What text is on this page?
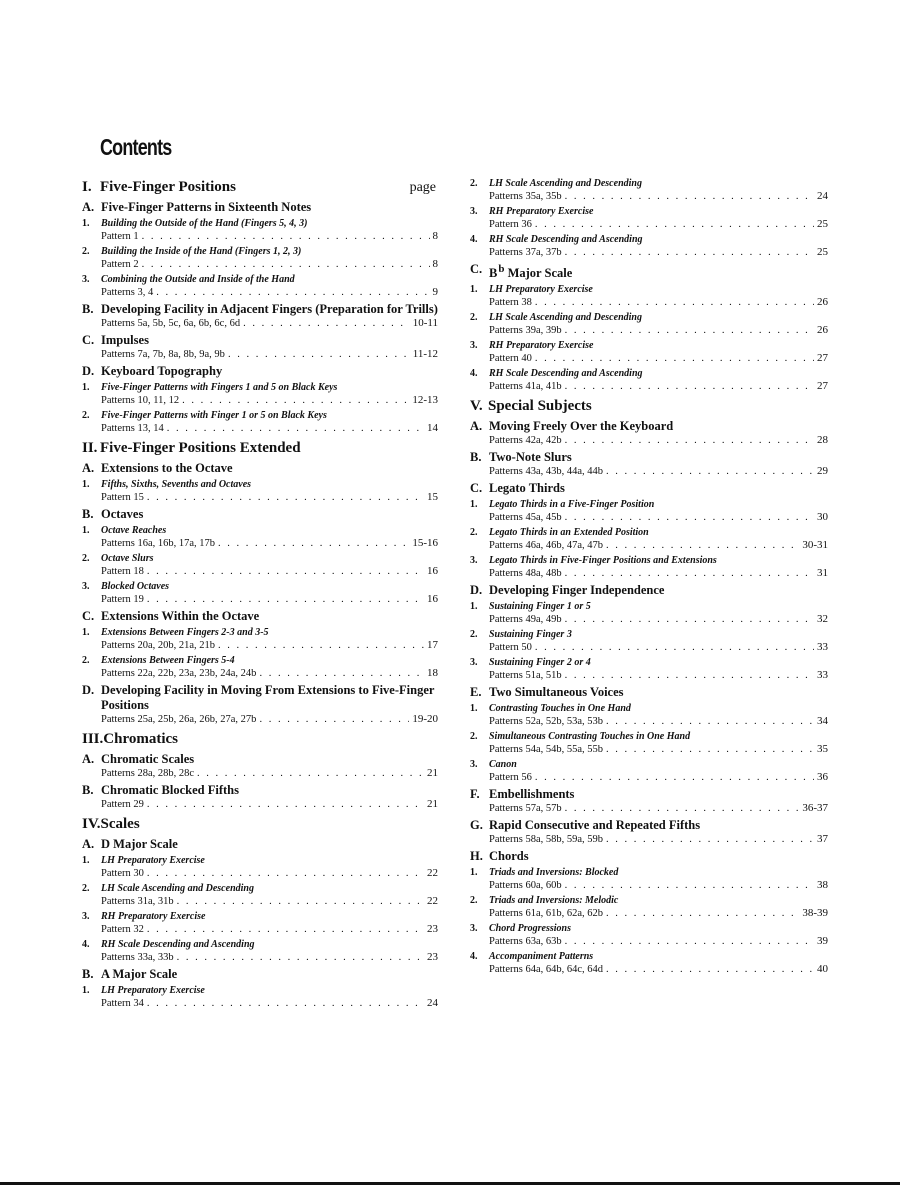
Contents
I. Five-Finger Positions	page
A. Five-Finger Patterns in Sixteenth Notes
1.	Building the Outside of the Hand (Fingers 5, 4, 3)
Pattern 1 . . .	8
2.	Building the Inside of the Hand (Fingers 1, 2, 3)
Pattern 2 . . .	8
3.	Combining the Outside and Inside of the Hand
Patterns 3, 4 . . .	9
B. Developing Facility in Adjacent Fingers (Preparation for Trills)
Patterns 5a, 5b, 5c, 6a, 6b, 6c, 6d . . .	10-11
C. Impulses
Patterns 7a, 7b, 8a, 8b, 9a, 9b . . .	11-12
D. Keyboard Topography
1.	Five-Finger Patterns with Fingers 1 and 5 on Black Keys
Patterns 10, 11, 12 . . .	12-13
2.	Five-Finger Patterns with Finger 1 or 5 on Black Keys
Patterns 13, 14 . . .	14
II. Five-Finger Positions Extended
A. Extensions to the Octave
1.	Fifths, Sixths, Sevenths and Octaves
Pattern 15 . . .	15
B. Octaves
1.	Octave Reaches
Patterns 16a, 16b, 17a, 17b . . .	15-16
2.	Octave Slurs
Pattern 18 . . .	16
3.	Blocked Octaves
Pattern 19 . . .	16
C. Extensions Within the Octave
1.	Extensions Between Fingers 2-3 and 3-5
Patterns 20a, 20b, 21a, 21b . . .	17
2.	Extensions Between Fingers 5-4
Patterns 22a, 22b, 23a, 23b, 24a, 24b . . .	18
D. Developing Facility in Moving From Extensions to Five-Finger Positions
Patterns 25a, 25b, 26a, 26b, 27a, 27b . . .	19-20
III. Chromatics
A. Chromatic Scales
Patterns 28a, 28b, 28c . . .	21
B. Chromatic Blocked Fifths
Pattern 29 . . .	21
IV. Scales
A. D Major Scale
1.	LH Preparatory Exercise
Pattern 30 . . .	22
2.	LH Scale Ascending and Descending
Patterns 31a, 31b . . .	22
3.	RH Preparatory Exercise
Pattern 32 . . .	23
4.	RH Scale Descending and Ascending
Patterns 33a, 33b . . .	23
B. A Major Scale
1.	LH Preparatory Exercise
Pattern 34 . . .	24
2.	LH Scale Ascending and Descending
Patterns 35a, 35b . . .	24
3.	RH Preparatory Exercise
Pattern 36 . . .	25
4.	RH Scale Descending and Ascending
Patterns 37a, 37b . . .	25
C. Bb Major Scale
1.	LH Preparatory Exercise
Pattern 38 . . .	26
2.	LH Scale Ascending and Descending
Patterns 39a, 39b . . .	26
3.	RH Preparatory Exercise
Pattern 40 . . .	27
4.	RH Scale Descending and Ascending
Patterns 41a, 41b . . .	27
V. Special Subjects
A. Moving Freely Over the Keyboard
Patterns 42a, 42b . . .	28
B. Two-Note Slurs
Patterns 43a, 43b, 44a, 44b . . .	29
C. Legato Thirds
1.	Legato Thirds in a Five-Finger Position
Patterns 45a, 45b . . .	30
2.	Legato Thirds in an Extended Position
Patterns 46a, 46b, 47a, 47b . . .	30-31
3.	Legato Thirds in Five-Finger Positions and Extensions
Patterns 48a, 48b . . .	31
D. Developing Finger Independence
1.	Sustaining Finger 1 or 5
Patterns 49a, 49b . . .	32
2.	Sustaining Finger 3
Pattern 50 . . .	33
3.	Sustaining Finger 2 or 4
Patterns 51a, 51b . . .	33
E. Two Simultaneous Voices
1.	Contrasting Touches in One Hand
Patterns 52a, 52b, 53a, 53b . . .	34
2.	Simultaneous Contrasting Touches in One Hand
Patterns 54a, 54b, 55a, 55b . . .	35
3.	Canon
Pattern 56 . . .	36
F. Embellishments
Patterns 57a, 57b . . .	36-37
G. Rapid Consecutive and Repeated Fifths
Patterns 58a, 58b, 59a, 59b . . .	37
H. Chords
1.	Triads and Inversions: Blocked
Patterns 60a, 60b . . .	38
2.	Triads and Inversions: Melodic
Patterns 61a, 61b, 62a, 62b . . .	38-39
3.	Chord Progressions
Patterns 63a, 63b . . .	39
4.	Accompaniment Patterns
Patterns 64a, 64b, 64c, 64d . . .	40
